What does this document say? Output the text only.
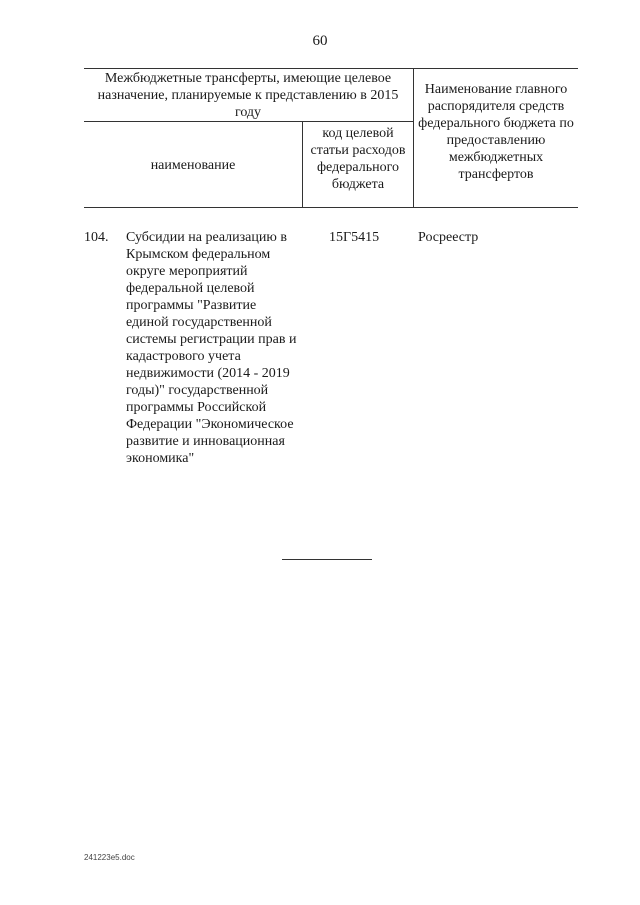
60
Межбюджетные трансферты, имеющие целевое назначение, планируемые к представлению в 2015 году
наименование
код целевой статьи расходов федерального бюджета
Наименование главного распорядителя средств федерального бюджета по предоставлению межбюджетных трансфертов
104.	Субсидии на реализацию в Крымском федеральном округе мероприятий федеральной целевой программы "Развитие единой государственной системы регистрации прав и кадастрового учета недвижимости (2014 - 2019 годы)" государственной программы Российской Федерации "Экономическое развитие и инновационная экономика"
15Г5415	Росреестр
241223e5.doc
